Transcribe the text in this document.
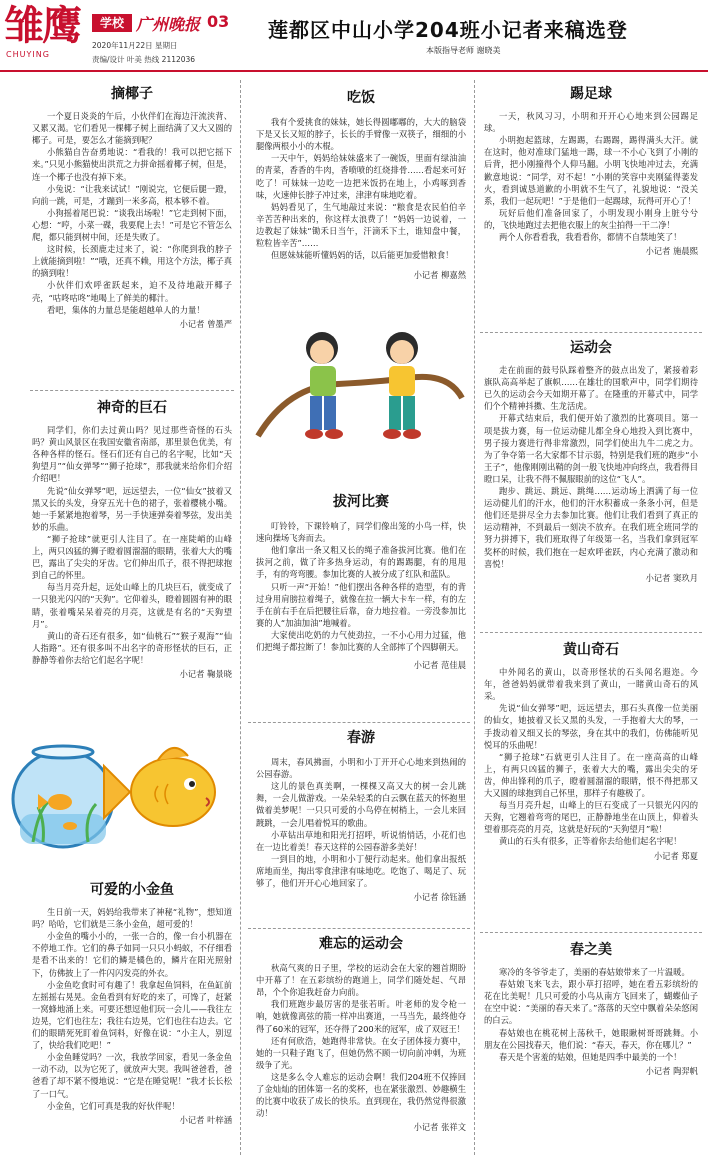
雏鹰
CHUYING
学校 广州晚报 03
2020年11月22日 星期日
责编/设计 叶美 热线 2112036
莲都区中山小学204班小记者来稿选登
本版指导老师 谢晓美
摘椰子

一个夏日炎炎的午后，小伙伴们在海边汗流浃背、又累又渴。它们看见一棵椰子树上面结满了又大又圆的椰子。可是，要怎么才能摘到呢？

小熊猫自告奋勇地说：“看我的！我可以把它摇下来。”只见小熊猫使出洪荒之力拼命摇着椰子树，但是，连一个椰子也没有掉下来。

小兔说：“让我来试试！”刚说完，它便后腿一蹬，向前一跳，可是，才蹦到一米多高，根本够不着。

小狗摇着尾巴说：“谈我出场啦！”它走到树下面，心想：“哼，小菜一碟，我要爬上去！”可是它不管怎么爬，都只能到树中间，还是失败了。

这时候，长颈鹿走过来了，说：“你爬到我的脖子上就能摘到啦！”“哦，还真不赖，用这个方法，椰子真的摘到啦！

小伙伴们欢呼雀跃起来，迫不及待地敲开椰子壳，“咕咚咕咚”地喝上了鲜美的椰汁。

看吧，集体的力量总是能超越单人的力量！

小记者 曾墨严
神奇的巨石

同学们，你们去过黄山吗？见过那些奇怪的石头吗？黄山风景区在我国安徽省南部，那里景色优美，有各种各样的怪石。怪石们还有自己的名字呢，比如“天狗望月”“仙女弹琴”“狮子抢球”，那我就来给你们介绍介绍吧！

先说“仙女弹琴”吧，远远望去，一位“仙女”披着又黑又长的头发，身穿五光十色的裙子，张着樱桃小嘴。她一手紧紧地抱着琴，另一手快速弹奏着琴弦，发出美妙的乐曲。

“狮子抢球”就更引人注目了。在一座陡峭的山峰上，两只凶猛的狮子瞪着圆溜溜的眼睛，张着大大的嘴巴，露出了尖尖的牙齿。它们伸出爪子，很不得把球抱到自己的怀里。

每当月亮升起，远处山峰上的几块巨石，就变成了一只狼光闪闪的“天狗”。它仰着头，瞪着圆圆有神的眼睛，张着嘴呆呆着亮的月亮，这就是有名的“天狗望月”。

黄山的奇石还有很多，如“仙桃石”“猴子观海”“仙人指路”。还有很多叫不出名字的奇形怪状的巨石，正静静等着你去给它们起名字呢！

小记者 鞠景晓
可爱的小金鱼

生日前一天，妈妈给我带来了神秘“礼物”，想知道吗？哈哈，它们就是三条小金鱼，超可爱的！

小金鱼的嘴小小的，一张一合的，像一台小机器在不停地工作。它们的鼻子如同一只只小蚂蚁，不仔细看是看不出来的！它们的鳞是橘色的，鳞片在阳光照射下，仿佛披上了一件闪闪发亮的外衣。

小金鱼吃食时可有趣了！我拿起鱼饲料，在鱼缸前左摇摇右晃晃。金鱼看到有好吃的来了，可馋了，赶紧一窝蜂地涌上来。可要还想逗他们玩一会儿——我往左边晃，它们也往左；我往右边晃，它们也往右边去。它们的眼睛死死盯着鱼饲料，好像在说：“小主人，别逗了，快给我们吃吧！”

小金鱼睡觉吗？一次，我放学回家，看见一条金鱼一动不动，以为它死了，就放声大哭。我叫爸爸看，爸爸看了却不紧不慢地说：“它是在睡觉呢！”我才长长松了一口气。

小金鱼，它们可真是我的好伙伴呢！

小记者 叶梓涵
吃饭

我有个爱挑食的妹妹，她长得圆嘟嘟的，大大的脑袋下是又长又短的脖子，长长的手臂像一双筷子，细细的小腿像两根小小的木棍。

一天中午，妈妈给妹妹盛来了一碗饭，里面有绿油油的青菜，香香的牛肉，香喷喷的红烧排骨……看起来可好吃了！可妹妹一边吃一边把米饭扔在地上，小鸡啄到香味，火速伸长脖子冲过来，津津有味地吃着。

妈妈看见了，生气地敲过来说：“粮食是农民伯伯辛辛苦苦种出来的，你这样太浪费了！”妈妈一边说着，一边教起了妹妹“锄禾日当午，汗滴禾下土，谁知盘中餐，粒粒皆辛苦”……

但愿妹妹能听懂妈妈的话，以后能更加爱惜粮食！

小记者 柳嘉然
拔河比赛

叮铃铃，下课铃响了，同学们像出笼的小鸟一样，快速向操场飞奔而去。

他们拿出一条又粗又长的绳子准备拔河比赛。他们在拔河之前，做了许多热身运动，有的踢踢腿，有的甩甩手，有的弯弯腰。参加比赛的人被分成了红队和蓝队。

只听一声“开始！”他们摆出各种各样的造型，有的背过身用肩膀拉着绳子，就像在拉一辆大卡车一样，有的左手在前右手在后把腰往后靠，奋力地拉着。一旁没参加比赛的人“加油加油”地喊着。

大家使出吃奶的力气使劲拉，一不小心用力过猛，他们把绳子都拉断了！参加比赛的人全部摔了个四脚朝天。

小记者 范佳晨
春游

周末，春风拂面，小明和小丁开开心心地来到热闹的公园春游。

这儿的景色真美啊，一棵棵又高又大的树一会儿跳舞，一会儿做游戏。一朵朵轻柔的白云飘在蓝天的怀抱里做着美梦呢！一只只可爱的小鸟停在树梢上，一会儿来回踱跳，一会儿唱着悦耳的歌曲。

小草钻出草地和阳光打招呼，听说悄悄话，小花们也在一边比着美！春天这样的公园春游多美好！

一到目的地，小明和小丁便行动起来。他们拿出报纸席地而坐，掏出零食津津有味地吃。吃饱了、喝足了、玩够了，他们开开心心地回家了。

小记者 徐钰涵
难忘的运动会

秋高气爽的日子里，学校的运动会在大家的翘首期盼中开幕了！在五彩缤纷的跑道上，同学们随处起、气昂昂，个个你追我赶奋力向前。

我们班跑步最厉害的是张若昕。叶老师的发令枪一响，她就像离弦的箭一样冲出赛道，一马当先，最终他夺得了60米的冠军，还夺得了200米的冠军，成了双冠王！

还有何欣浩，她跑得非常快。在女子团体接力赛中，她的一只鞋子跑飞了，但她仍然不顾一切向前冲刺，为班级争了光。

这是多么令人难忘的运动会啊！我们204班不仅捧回了金灿灿的团体第一名的奖杯，也在紧张激烈、妙趣横生的比赛中收获了成长的快乐。直到现在，我仍然觉得很激动！

小记者 张祥文
踢足球

一天，秋风习习，小明和开开心心地来到公园踢足球。

小明抱起篮球，左踢踢，右踢踢，踢得满头大汗。就在这时，他对准球门猛地一踢，球一不小心飞到了小刚的后背，把小刚撞得个人仰马翻。小明飞快地冲过去，充满歉意地说：“同学，对不起！”小刚的笑容中夹刚猛得萎发火，看到诚恳道歉的小明就不生气了，礼貌地说：“没关系，我们一起玩吧！”于是他们一起踢球，玩得可开心了！

玩好后他们准备回家了，小明发现小刚身上脏兮兮的，飞快地跑过去把他衣服上的灰尘拍得一干二净！

两个人你看看我，我看看你，都情不自禁地笑了！

小记者 施晨熙
运动会

走在前面的鼓号队踩着整齐的鼓点出发了，紧接着彩旗队高高举起了旗帜……在雄壮的国歌声中，同学们期待已久的运动会今天如期开幕了。在隆重的开幕式中，同学们个个精神抖擞、生龙活虎。

开幕式结束后，我们便开始了激烈的比赛项目。第一项是拔力赛，每一位运动健儿都全身心地投入到比赛中，男子接力赛进行得非常激烈，同学们使出九牛二虎之力。为了争夺第一名大家都不甘示弱，特别是我们班的跑步“小王子”，他像刚刚出鞘的剑一般飞快地冲向终点，我看得目瞪口呆，让我不得不佩服眼前的这位“飞人”。

跑步、跳远、跳远、跳绳……运动场上洒满了每一位运动健儿们的汗水，他们的汗水积蓄成一条条小河，但是他们还是拼尽全力去参加比赛。他们让我们看到了真正的运动精神，不到最后一刻决不放弃。在我们班全班同学的努力拼搏下，我们班取得了年级第一名，当我们拿到冠军奖杯的时候，我们抱在一起欢呼雀跃，内心充满了激动和喜悦！

小记者 窦玖月
黄山奇石

中外闻名的黄山，以奇形怪状的石头闻名遐迩。今年，爸爸妈妈就带着我来到了黄山，一睹黄山奇石的风采。

先说“仙女弹琴”吧，远远望去，那石头真像一位美丽的仙女，她披着又长又黑的头发，一手抱着大大的琴，一手拨动着又细又长的琴弦，身在其中的我们，仿佛能听见悦耳的乐曲呢！

“狮子抢球”石就更引人注目了。在一座高高的山峰上，有两只凶猛的狮子，张着大大的嘴，露出尖尖的牙齿，伸出锋利的爪子，瞪着圆溜溜的眼睛，恨不得把那又大又圆的球抱到自己怀里，那样子有趣极了。

每当月亮升起，山峰上的巨石变成了一只银光闪闪的天狗，它翘着弯弯的尾巴，正静静地坐在山顶上，仰着头望着那亮亮的月亮，这就是好玩的“天狗望月”啦！

黄山的石头有很多，正等着你去给他们起名字呢！

小记者 郑夏
春之美

寒冷的冬爷爷走了，美丽的春姑娘带来了一片温暖。

春姑娘飞来飞去，跟小草打招呼，她在看五彩缤纷的花在比美呢！几只可爱的小鸟从南方飞回来了，蝴蝶仙子在空中说：“美丽的春天来了。”落落的天空中飘着朵朵悠闲的白云。

春姑娘也在桃花树上荡秋千，她眼瞅树哥哥跳舞。小朋友在公园找春天，他们说：“春天，春天，你在哪儿？”

春天是个害羞的姑娘，但她是四季中最美的一个！

小记者 陶羿帆
